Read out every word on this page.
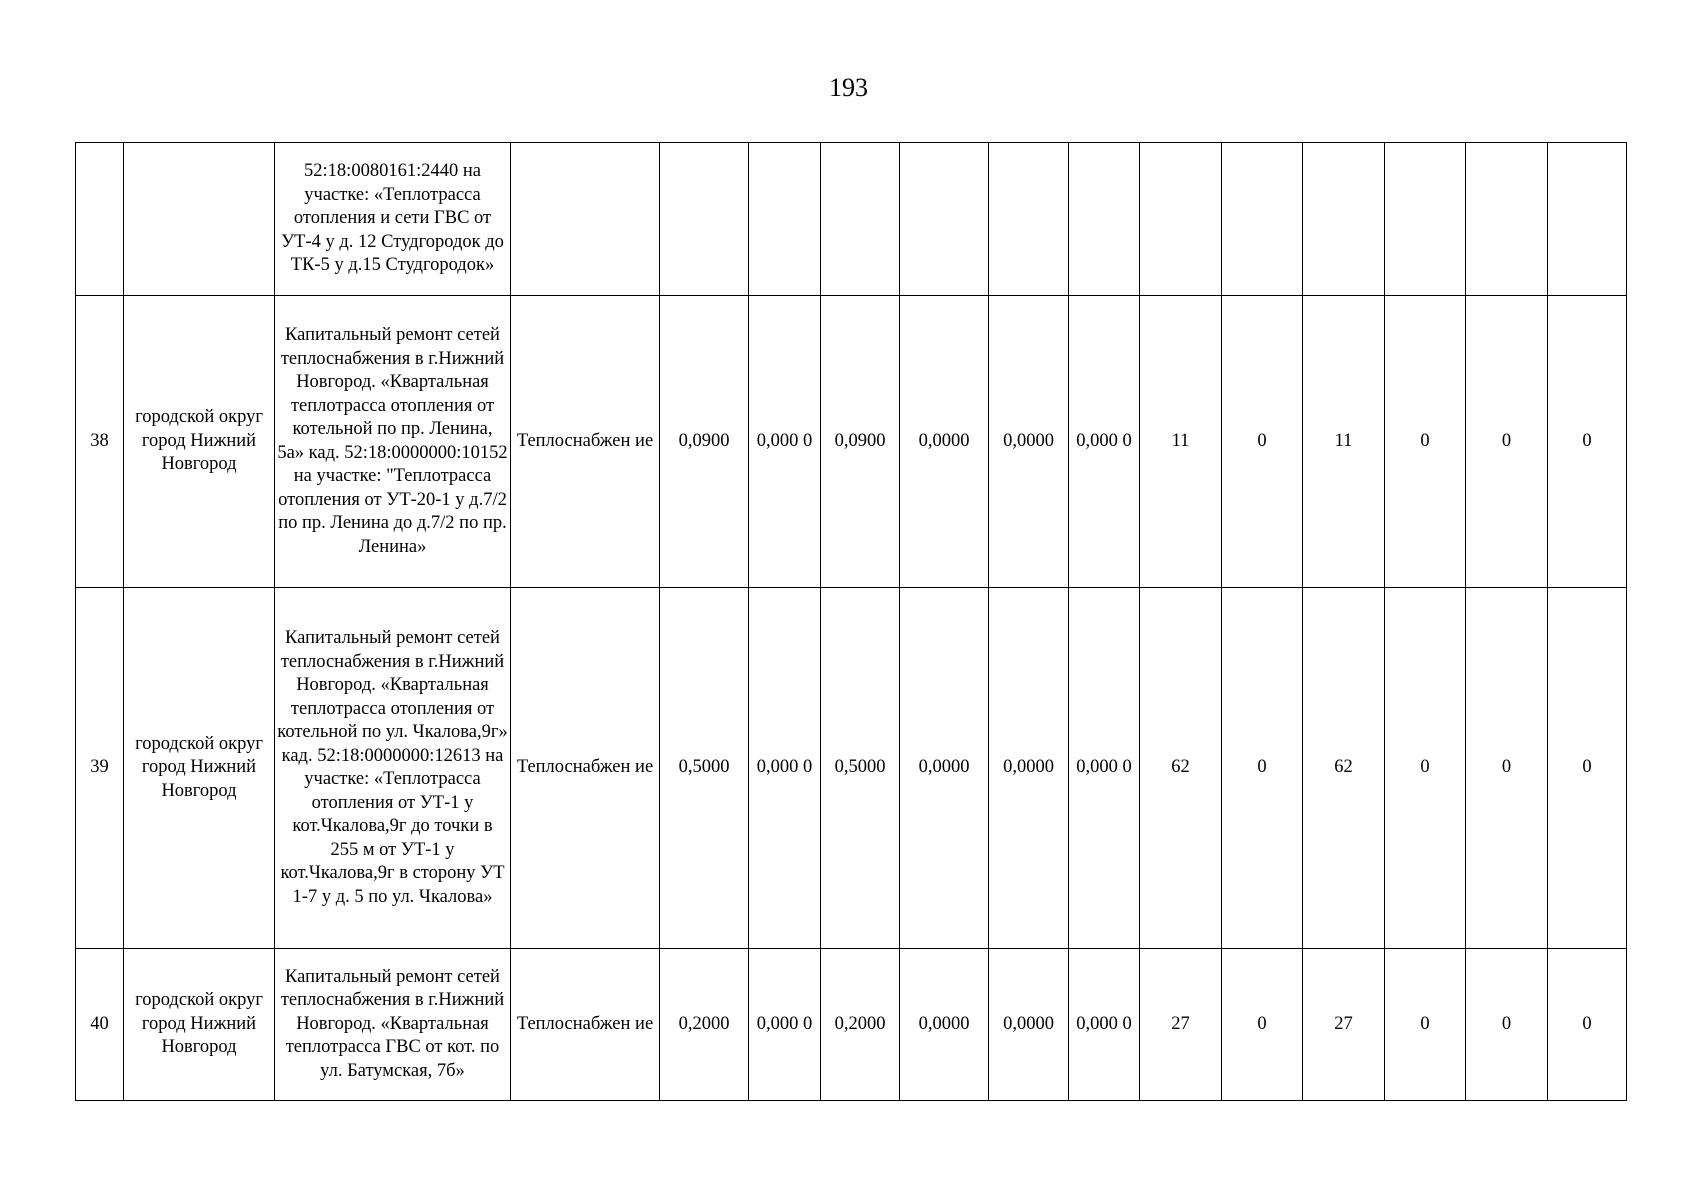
193
		52:18:0080161:2440 на участке: «Теплотрасса отопления и сети ГВС от УТ-4 у д. 12 Студгородок до ТК-5 у д.15 Студгородок»													
38	городской округ город Нижний Новгород	Капитальный ремонт сетей теплоснабжения в г.Нижний Новгород. «Квартальная теплотрасса отопления от котельной по пр. Ленина, 5а» кад. 52:18:0000000:10152 на участке: "Теплотрасса отопления от УТ-20-1 у д.7/2 по пр. Ленина до д.7/2 по пр. Ленина»	Теплоснабжен ие	0,0900	0,000 0	0,0900	0,0000	0,0000	0,000 0	11	0	11	0	0	0
39	городской округ город Нижний Новгород	Капитальный ремонт сетей теплоснабжения в г.Нижний Новгород. «Квартальная теплотрасса отопления от котельной по ул. Чкалова,9г» кад. 52:18:0000000:12613 на участке: «Теплотрасса отопления от УТ-1 у кот.Чкалова,9г до точки в 255 м от УТ-1 у кот.Чкалова,9г в сторону УТ 1-7 у д. 5 по ул. Чкалова»	Теплоснабжен ие	0,5000	0,000 0	0,5000	0,0000	0,0000	0,000 0	62	0	62	0	0	0
40	городской округ город Нижний Новгород	Капитальный ремонт сетей теплоснабжения в г.Нижний Новгород. «Квартальная теплотрасса ГВС от кот. по ул. Батумская, 7б»	Теплоснабжен ие	0,2000	0,000 0	0,2000	0,0000	0,0000	0,000 0	27	0	27	0	0	0
